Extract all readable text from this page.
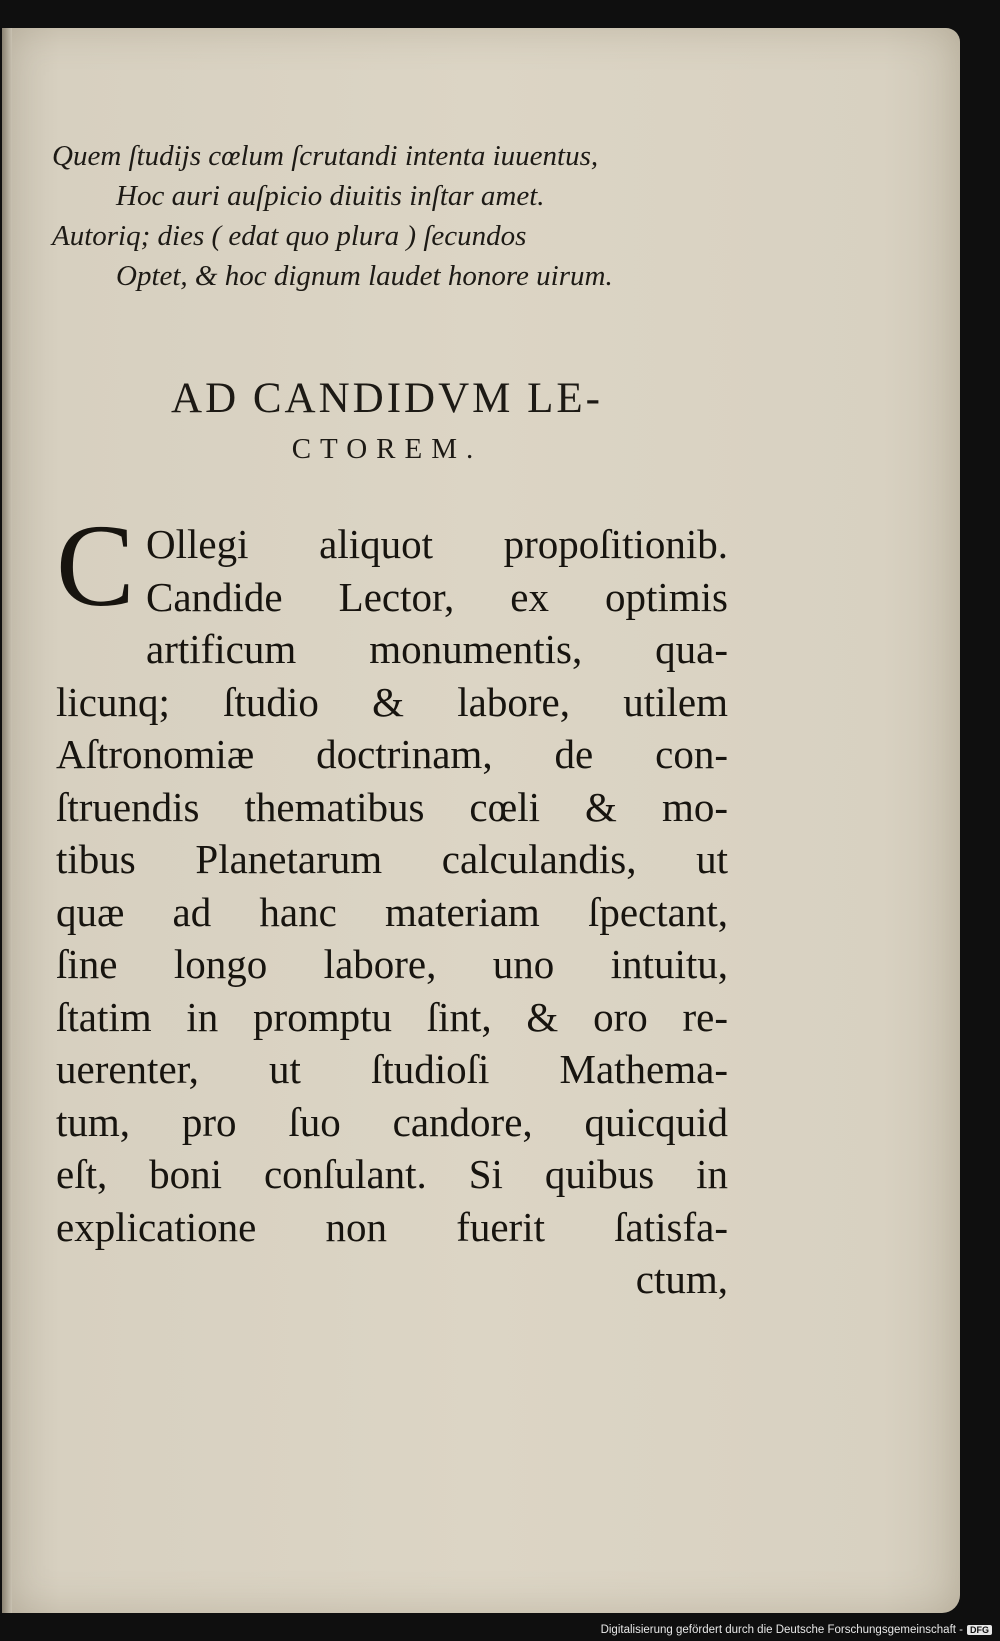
Quem ſtudijs cœlum ſcrutandi intenta iuuentus,
Hoc auri auſpicio diuitis inſtar amet.
Autoriq; dies ( edat quo plura ) ſecundos
Optet, & hoc dignum laudet honore uirum.
AD CANDIDVM LE-
CTOREM.
C Ollegi aliquot propoſitionib.
Candide Lector, ex optimis
artificum monumentis, qua-
licunq; ſtudio & labore, utilem
Aſtronomiæ doctrinam, de con-
ſtruendis thematibus cœli & mo-
tibus Planetarum calculandis, ut
quæ ad hanc materiam ſpectant,
ſine longo labore, uno intuitu,
ſtatim in promptu ſint, & oro re-
uerenter, ut ſtudioſi Mathema-
tum, pro ſuo candore, quicquid
eſt, boni conſulant. Si quibus in
explicatione non fuerit ſatisfa-
ctum,
Digitalisierung gefördert durch die Deutsche Forschungsgemeinschaft - DFG
